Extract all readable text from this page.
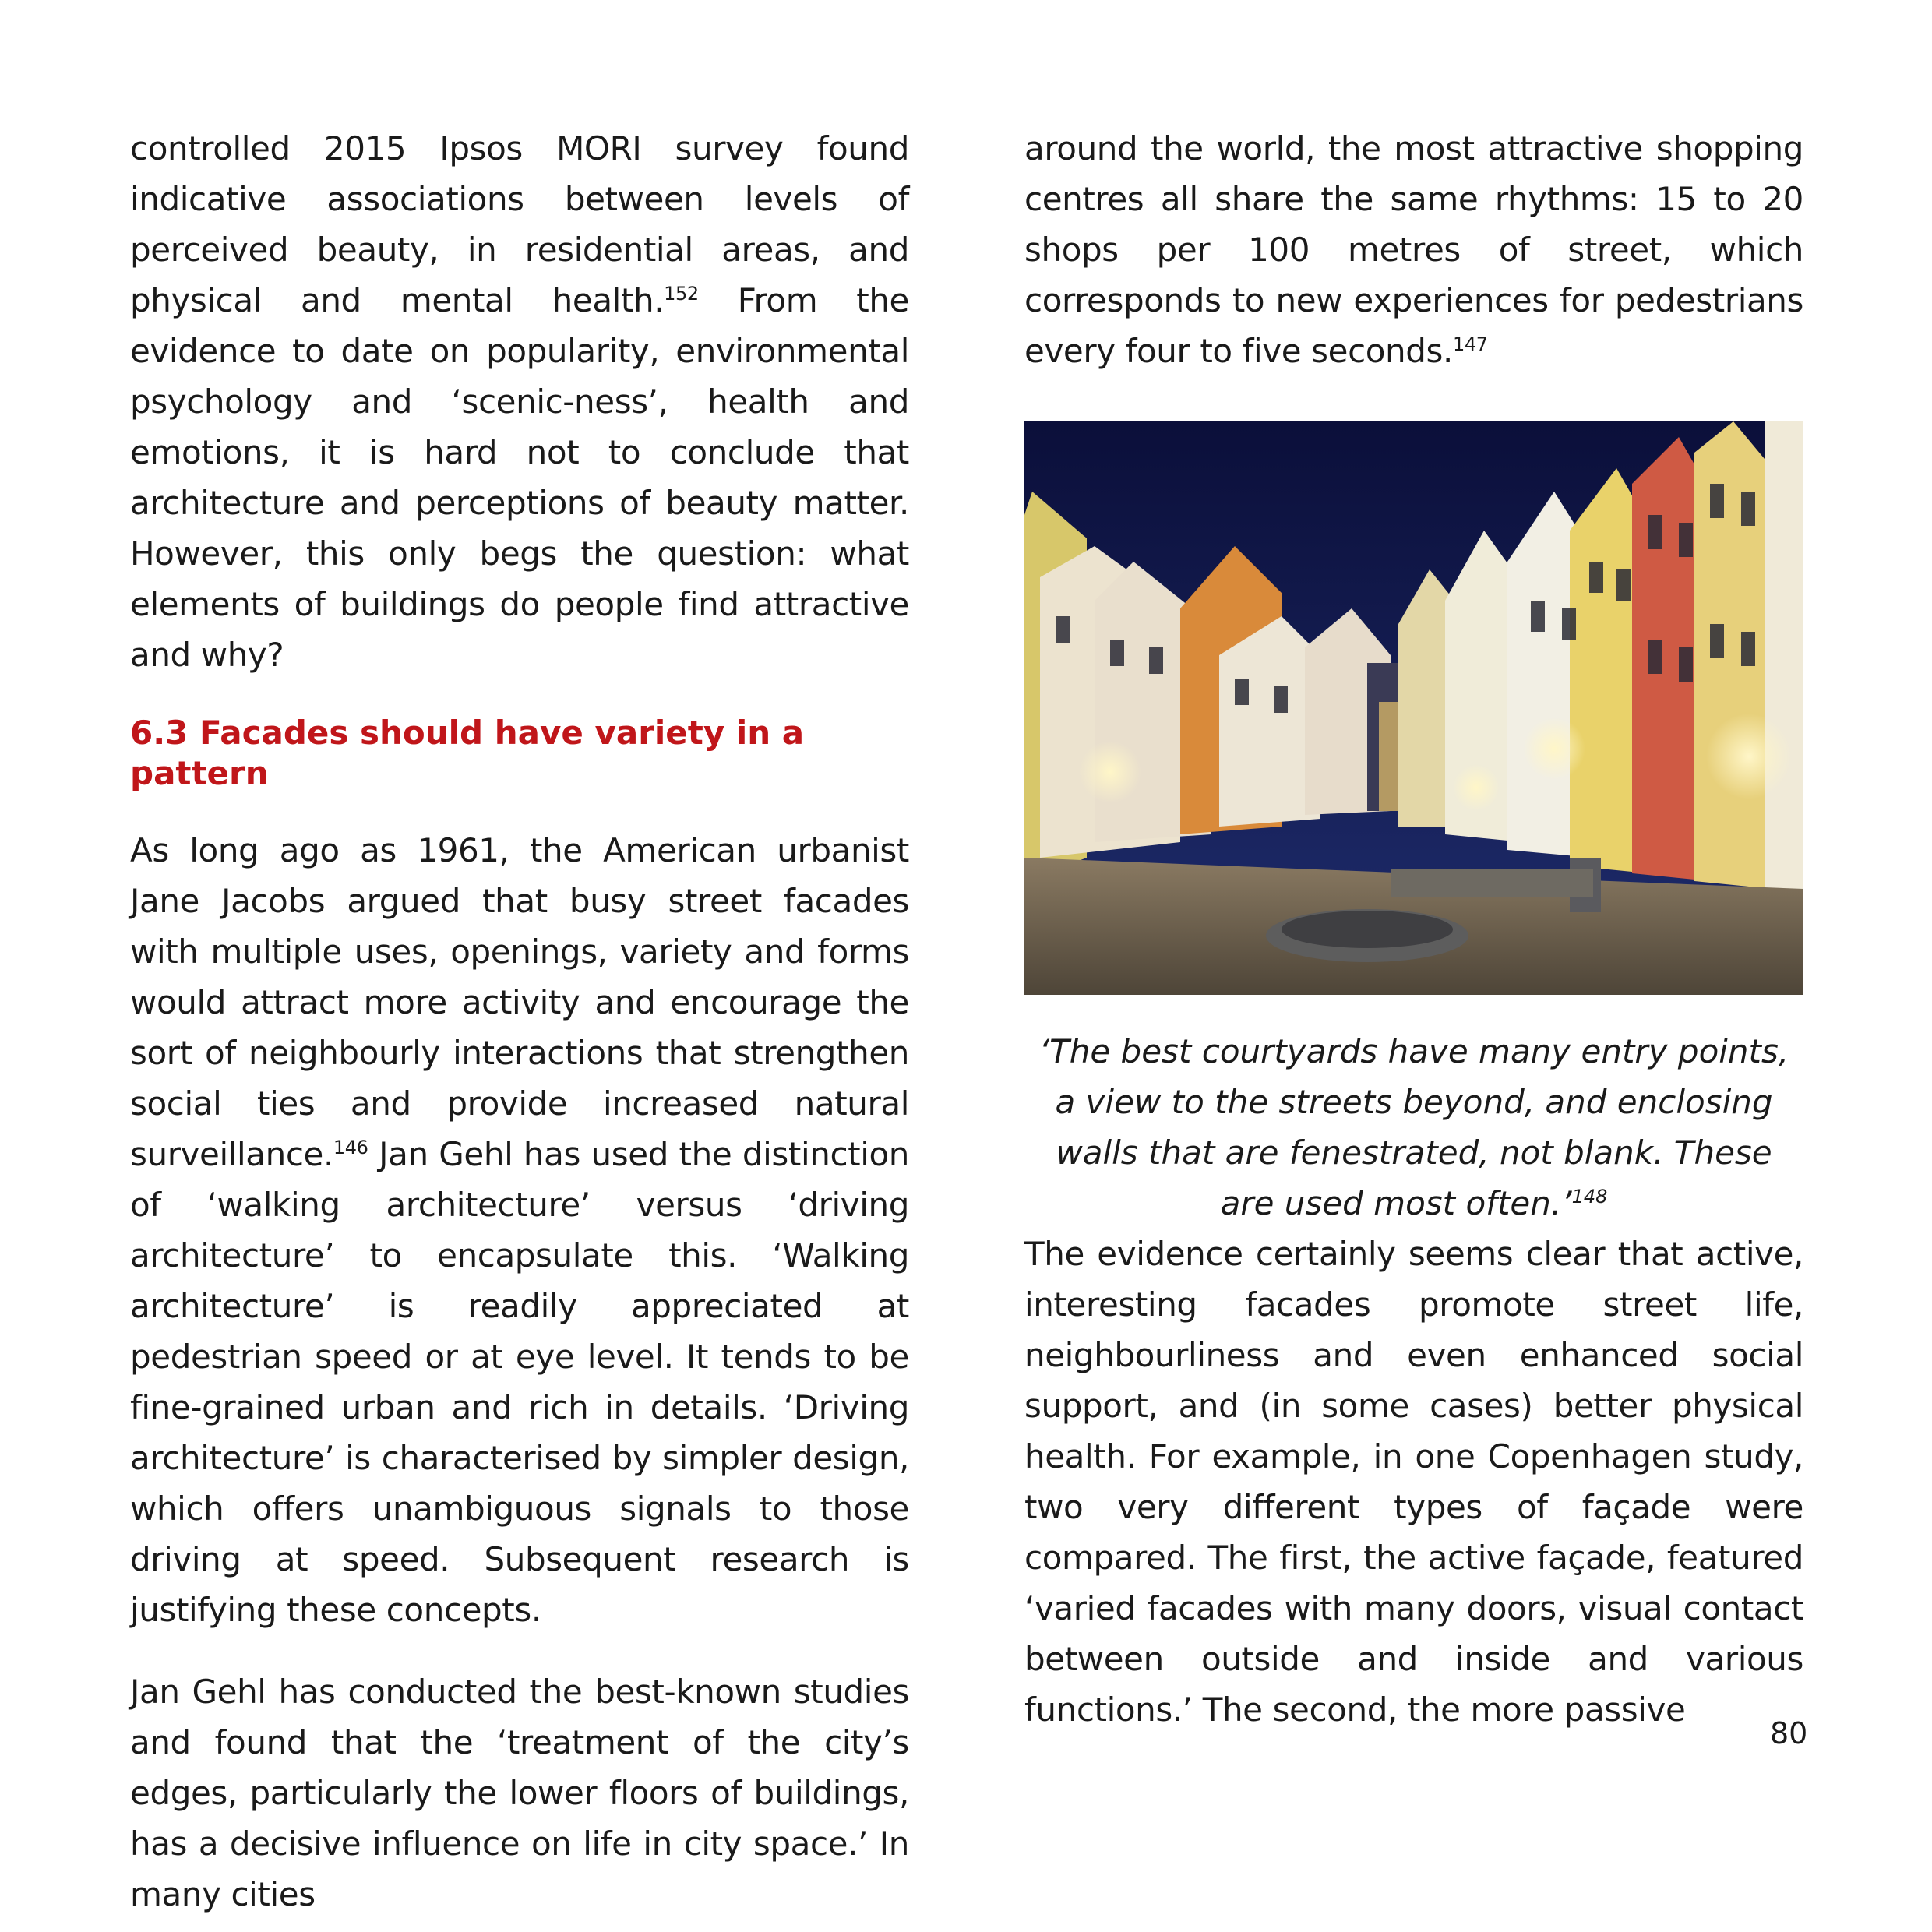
controlled 2015 Ipsos MORI survey found indicative associations between levels of perceived beauty, in residential areas, and physical and mental health.$^{152}$ From the evidence to date on popularity, environmental psychology and ‘scenic-ness’, health and emotions, it is hard not to conclude that architecture and perceptions of beauty matter. However, this only begs the question: what elements of buildings do people find attractive and why?

6.3 Facades should have variety in a pattern

As long ago as 1961, the American urbanist Jane Jacobs argued that busy street facades with multiple uses, openings, variety and forms would attract more activity and encourage the sort of neighbourly interactions that strengthen social ties and provide increased natural surveillance.$^{146}$ Jan Gehl has used the distinction of ‘walking architecture’ versus ‘driving architecture’ to encapsulate this. ‘Walking architecture’ is readily appreciated at pedestrian speed or at eye level. It tends to be fine-grained urban and rich in details. ‘Driving architecture’ is characterised by simpler design, which offers unambiguous signals to those driving at speed. Subsequent research is justifying these concepts.

Jan Gehl has conducted the best-known studies and found that the ‘treatment of the city’s edges, particularly the lower floors of buildings, has a decisive influence on life in city space.’ In many cities

around the world, the most attractive shopping centres all share the same rhythms: 15 to 20 shops per 100 metres of street, which corresponds to new experiences for pedestrians every four to five seconds.$^{147}$

‘The best courtyards have many entry points, a view to the streets beyond, and enclosing walls that are fenestrated, not blank. These are used most often.’$^{148}$

The evidence certainly seems clear that active, interesting facades promote street life, neighbourliness and even enhanced social support, and (in some cases) better physical health. For example, in one Copenhagen study, two very different types of façade were compared. The first, the active façade, featured ‘varied facades with many doors, visual contact between outside and inside and various functions.’ The second, the more passive

80
